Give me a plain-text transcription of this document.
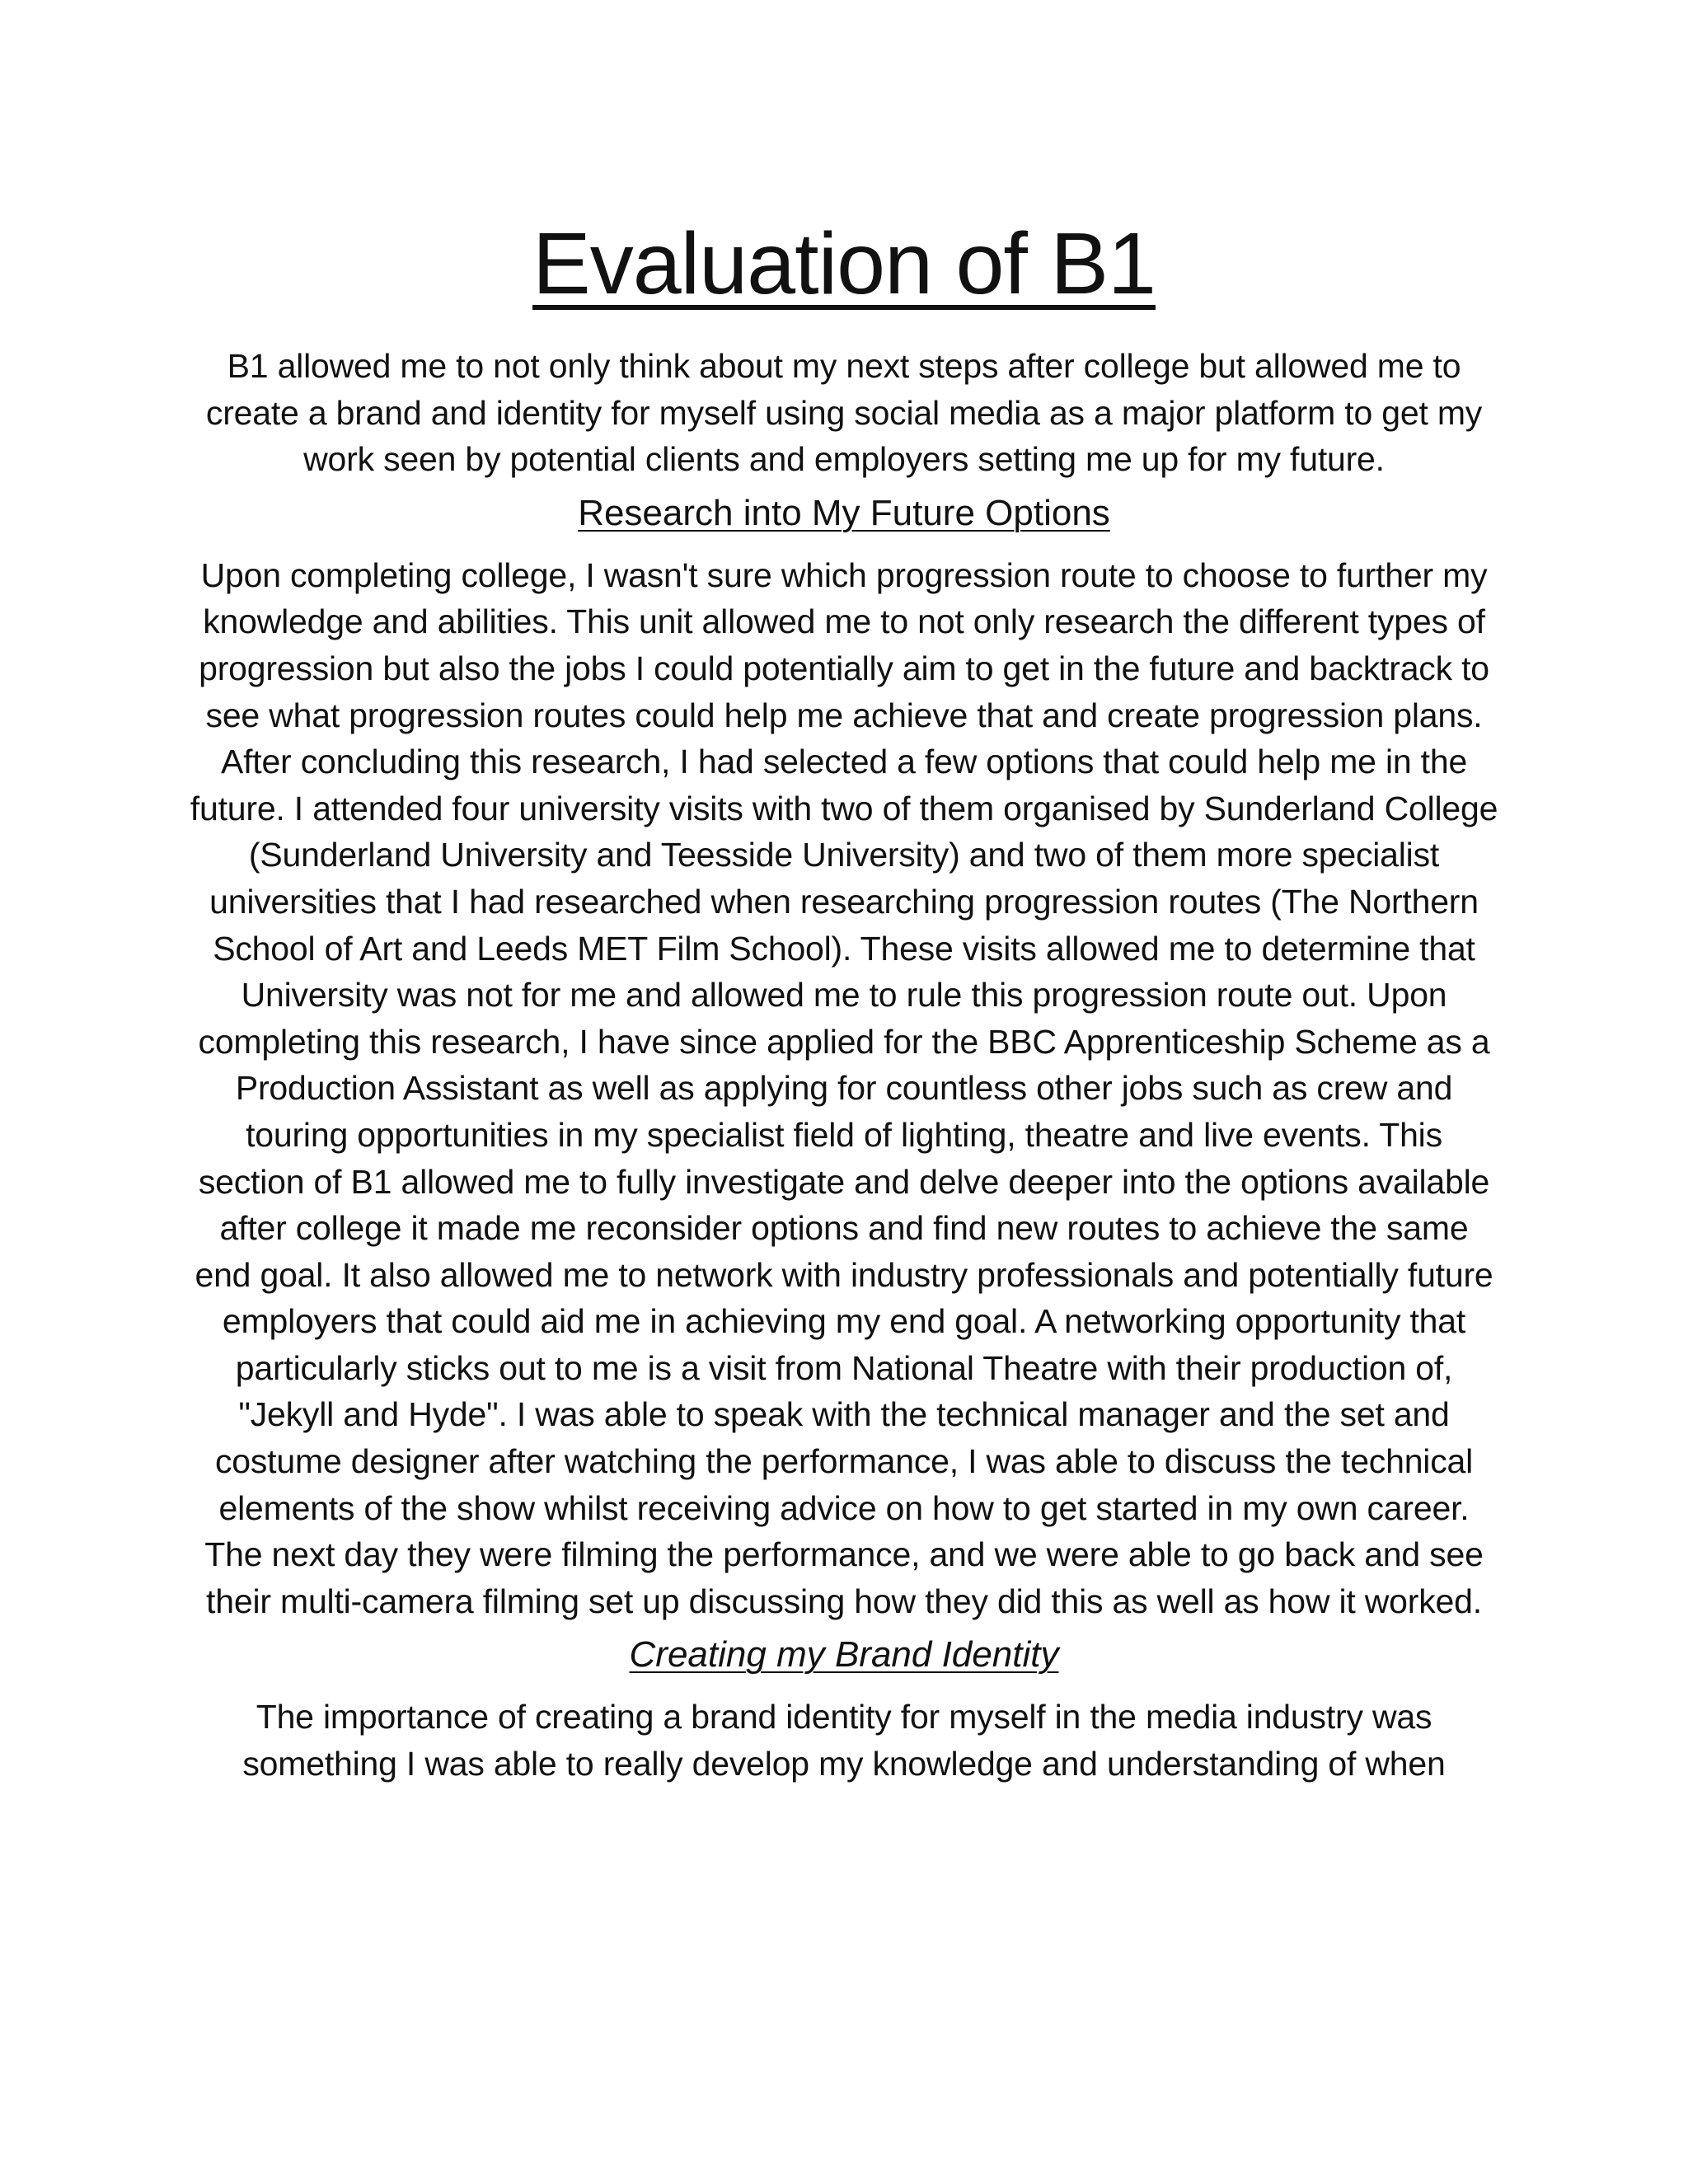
Evaluation of B1

B1 allowed me to not only think about my next steps after college but allowed me to create a brand and identity for myself using social media as a major platform to get my work seen by potential clients and employers setting me up for my future.

Research into My Future Options

Upon completing college, I wasn't sure which progression route to choose to further my knowledge and abilities. This unit allowed me to not only research the different types of progression but also the jobs I could potentially aim to get in the future and backtrack to see what progression routes could help me achieve that and create progression plans. After concluding this research, I had selected a few options that could help me in the future. I attended four university visits with two of them organised by Sunderland College (Sunderland University and Teesside University) and two of them more specialist universities that I had researched when researching progression routes (The Northern School of Art and Leeds MET Film School). These visits allowed me to determine that University was not for me and allowed me to rule this progression route out. Upon completing this research, I have since applied for the BBC Apprenticeship Scheme as a Production Assistant as well as applying for countless other jobs such as crew and touring opportunities in my specialist field of lighting, theatre and live events. This section of B1 allowed me to fully investigate and delve deeper into the options available after college it made me reconsider options and find new routes to achieve the same end goal. It also allowed me to network with industry professionals and potentially future employers that could aid me in achieving my end goal. A networking opportunity that particularly sticks out to me is a visit from National Theatre with their production of, "Jekyll and Hyde". I was able to speak with the technical manager and the set and costume designer after watching the performance, I was able to discuss the technical elements of the show whilst receiving advice on how to get started in my own career. The next day they were filming the performance, and we were able to go back and see their multi-camera filming set up discussing how they did this as well as how it worked.

Creating my Brand Identity

The importance of creating a brand identity for myself in the media industry was something I was able to really develop my knowledge and understanding of when
